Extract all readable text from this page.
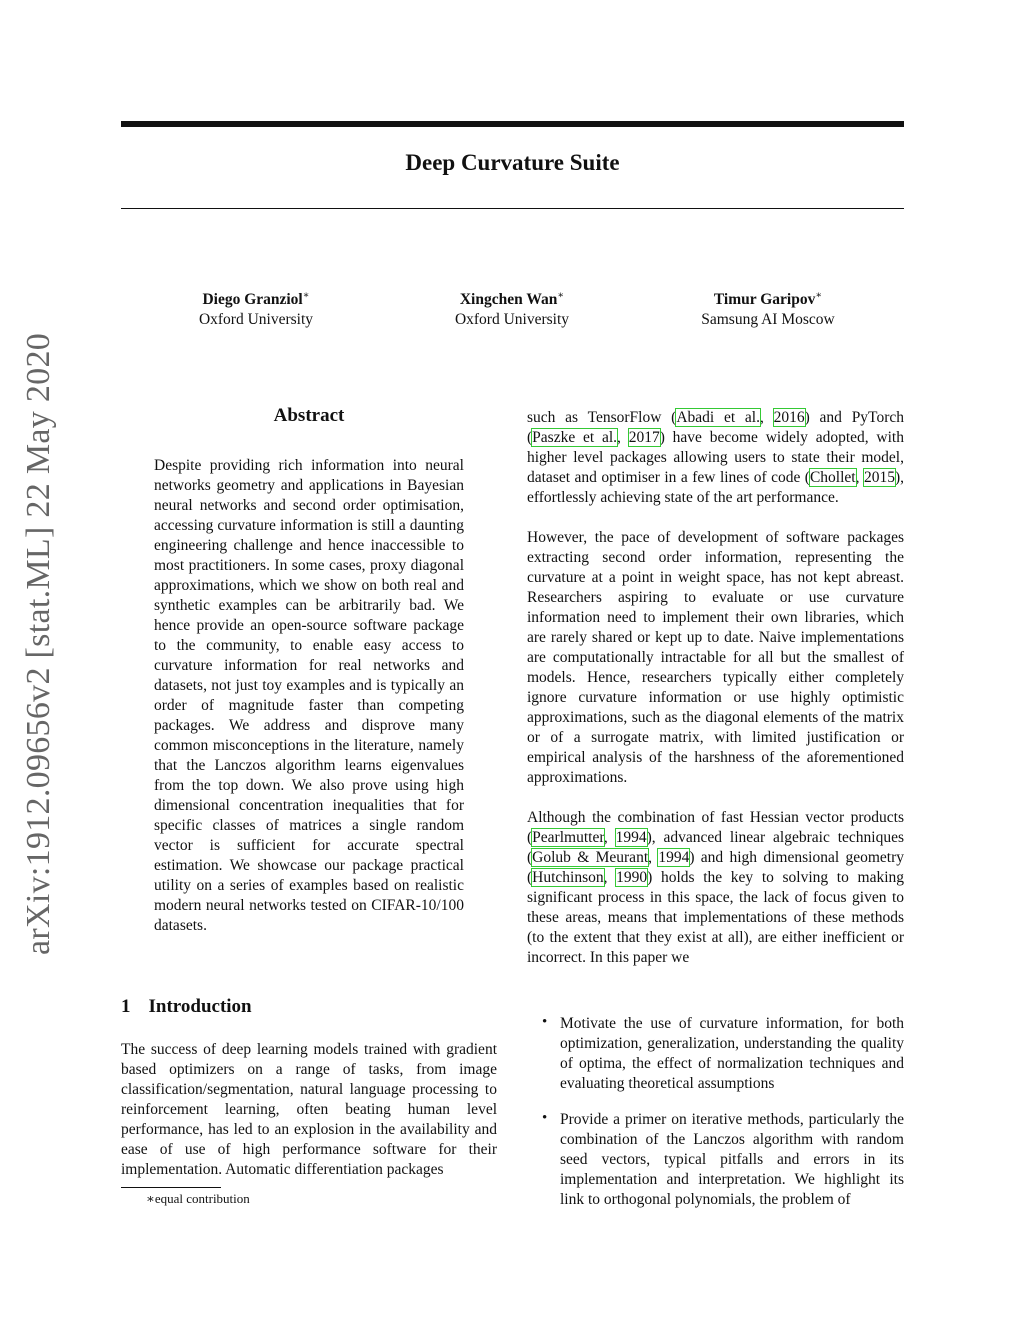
Deep Curvature Suite
Diego Granziol∗
Oxford University
Xingchen Wan∗
Oxford University
Timur Garipov∗
Samsung AI Moscow
arXiv:1912.09656v2 [stat.ML] 22 May 2020	Abstract
Despite providing rich information into neural networks geometry and applications in Bayesian neural networks and second order optimisation, accessing curvature information is still a daunting engineering challenge and hence inaccessible to most practitioners. In some cases, proxy diagonal approximations, which we show on both real and synthetic examples can be arbitrarily bad. We hence provide an open-source software package to the community, to enable easy access to curvature information for real networks and datasets, not just toy examples and is typically an order of magnitude faster than competing packages. We address and disprove many common misconceptions in the literature, namely that the Lanczos algorithm learns eigenvalues from the top down. We also prove using high dimensional concentration inequalities that for specific classes of matrices a single random vector is sufficient for accurate spectral estimation. We showcase our package practical utility on a series of examples based on realistic modern neural networks tested on CIFAR-10/100 datasets.
1 Introduction
The success of deep learning models trained with gradient based optimizers on a range of tasks, from image classification/segmentation, natural language processing to reinforcement learning, often beating human level performance, has led to an explosion in the availability and ease of use of high performance software for their implementation. Automatic differentiation packages
∗equal contribution
such as TensorFlow (Abadi et al., 2016) and PyTorch (Paszke et al., 2017) have become widely adopted, with higher level packages allowing users to state their model, dataset and optimiser in a few lines of code (Chollet, 2015), effortlessly achieving state of the art performance.
However, the pace of development of software packages extracting second order information, representing the curvature at a point in weight space, has not kept abreast. Researchers aspiring to evaluate or use curvature information need to implement their own libraries, which are rarely shared or kept up to date. Naive implementations are computationally intractable for all but the smallest of models. Hence, researchers typically either completely ignore curvature information or use highly optimistic approximations, such as the diagonal elements of the matrix or of a surrogate matrix, with limited justification or empirical analysis of the harshness of the aforementioned approximations.
Although the combination of fast Hessian vector products (Pearlmutter, 1994), advanced linear algebraic techniques (Golub & Meurant, 1994) and high dimensional geometry (Hutchinson, 1990) holds the key to solving to making significant process in this space, the lack of focus given to these areas, means that implementations of these methods (to the extent that they exist at all), are either inefficient or incorrect. In this paper we
• Motivate the use of curvature information, for both optimization, generalization, understanding the quality of optima, the effect of normalization techniques and evaluating theoretical assumptions
• Provide a primer on iterative methods, particularly the combination of the Lanczos algorithm with random seed vectors, typical pitfalls and errors in its implementation and interpretation. We highlight its link to orthogonal polynomials, the problem of
